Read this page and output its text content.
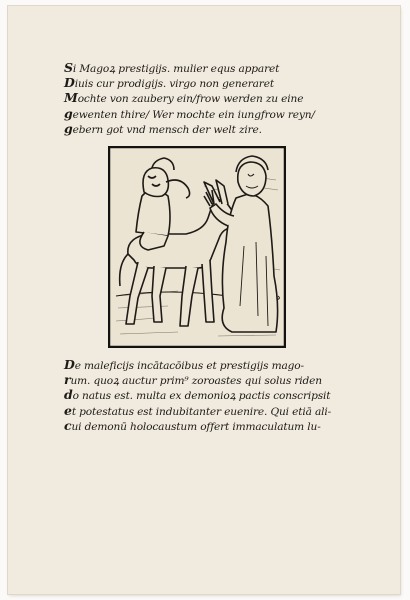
Si Magoꝝ prestigijs. mulier equs apparet
Diuis cur prodigijs. virgo non generaret
Mochte von zaubery ein/frow werden zu eine
gewenten thire/ Wer mochte ein iungfrow reyn/
gebern got vnd mensch der welt zire.
De maleficijs incātacōibus et prestigijs mago-
rum. quoꝝ auctur prim⁹ zoroastes qui solus riden
do natus est. multa ex demonioꝝ pactis conscripsit
et potestatus est indubitanter euenire. Qui etiā ali-
cui demonū holocaustum offert immaculatum lu-
